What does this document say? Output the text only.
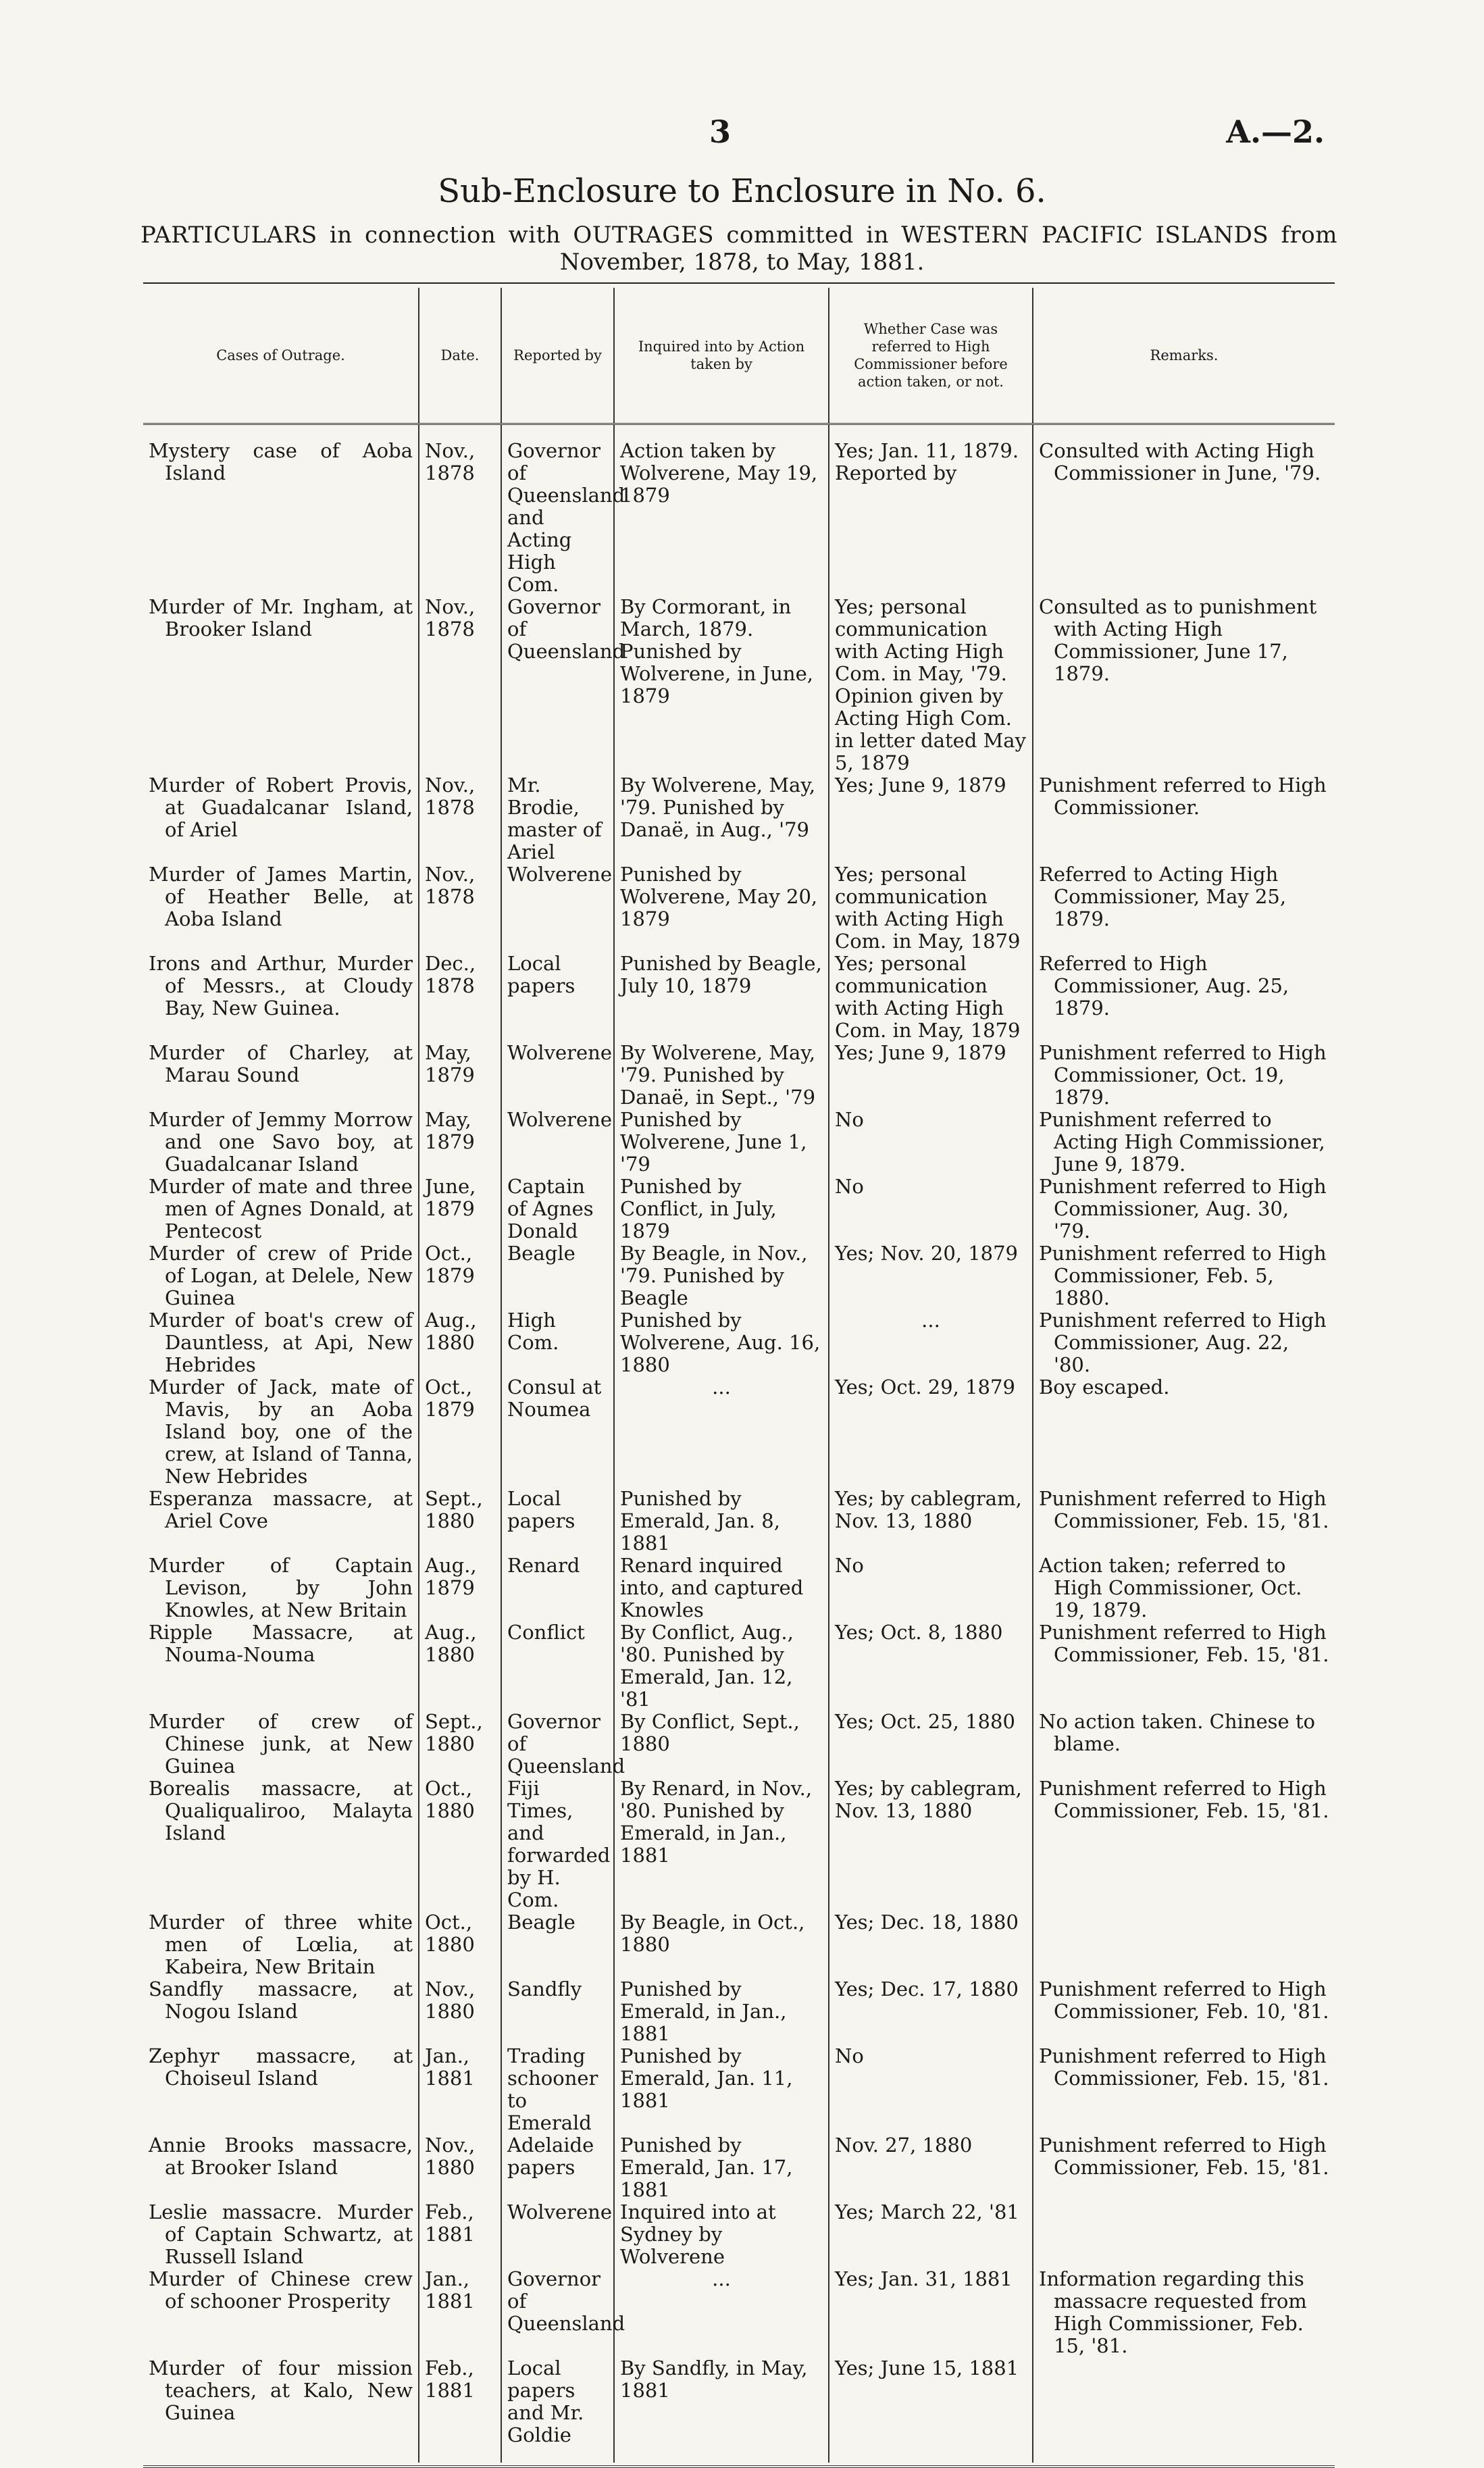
3	A.—2.
Sub-Enclosure to Enclosure in No. 6.
PARTICULARS in connection with OUTRAGES committed in WESTERN PACIFIC ISLANDS from
November, 1878, to May, 1881.
Cases of Outrage.	Date.	Reported by	Inquired into by Action taken by	Whether Case was referred to High Commissioner before action taken, or not.	Remarks.
Mystery case of Aoba Island	Nov., 1878	Governor of Queensland and Acting High Com.	Action taken by Wolverene, May 19, 1879	Yes; Jan. 11, 1879. Reported by	Consulted with Acting High Commissioner in June, '79.
Murder of Mr. Ingham, at Brooker Island	Nov., 1878	Governor of Queensland	By Cormorant, in March, 1879. Punished by Wolverene, in June, 1879	Yes; personal communication with Acting High Com. in May, '79. Opinion given by Acting High Com. in letter dated May 5, 1879	Consulted as to punishment with Acting High Commissioner, June 17, 1879.
Murder of Robert Provis, at Guadalcanar Island, of Ariel	Nov., 1878	Mr. Brodie, master of Ariel	By Wolverene, May, '79. Punished by Danaë, in Aug., '79	Yes; June 9, 1879	Punishment referred to High Commissioner.
Murder of James Martin, of Heather Belle, at Aoba Island	Nov., 1878	Wolverene	Punished by Wolverene, May 20, 1879	Yes; personal communication with Acting High Com. in May, 1879	Referred to Acting High Commissioner, May 25, 1879.
Irons and Arthur, Murder of Messrs., at Cloudy Bay, New Guinea.	Dec., 1878	Local papers	Punished by Beagle, July 10, 1879	Yes; personal communication with Acting High Com. in May, 1879	Referred to High Commissioner, Aug. 25, 1879.
Murder of Charley, at Marau Sound	May, 1879	Wolverene	By Wolverene, May, '79. Punished by Danaë, in Sept., '79	Yes; June 9, 1879	Punishment referred to High Commissioner, Oct. 19, 1879.
Murder of Jemmy Morrow and one Savo boy, at Guadalcanar Island	May, 1879	Wolverene	Punished by Wolverene, June 1, '79	No	Punishment referred to Acting High Commissioner, June 9, 1879.
Murder of mate and three men of Agnes Donald, at Pentecost	June, 1879	Captain of Agnes Donald	Punished by Conflict, in July, 1879	No	Punishment referred to High Commissioner, Aug. 30, '79.
Murder of crew of Pride of Logan, at Delele, New Guinea	Oct., 1879	Beagle	By Beagle, in Nov., '79. Punished by Beagle	Yes; Nov. 20, 1879	Punishment referred to High Commissioner, Feb. 5, 1880.
Murder of boat's crew of Dauntless, at Api, New Hebrides	Aug., 1880	High Com.	Punished by Wolverene, Aug. 16, 1880	...	Punishment referred to High Commissioner, Aug. 22, '80.
Murder of Jack, mate of Mavis, by an Aoba Island boy, one of the crew, at Island of Tanna, New Hebrides	Oct., 1879	Consul at Noumea	...	Yes; Oct. 29, 1879	Boy escaped.
Esperanza massacre, at Ariel Cove	Sept., 1880	Local papers	Punished by Emerald, Jan. 8, 1881	Yes; by cablegram, Nov. 13, 1880	Punishment referred to High Commissioner, Feb. 15, '81.
Murder of Captain Levison, by John Knowles, at New Britain	Aug., 1879	Renard	Renard inquired into, and captured Knowles	No	Action taken; referred to High Commissioner, Oct. 19, 1879.
Ripple Massacre, at Nouma-Nouma	Aug., 1880	Conflict	By Conflict, Aug., '80. Punished by Emerald, Jan. 12, '81	Yes; Oct. 8, 1880	Punishment referred to High Commissioner, Feb. 15, '81.
Murder of crew of Chinese junk, at New Guinea	Sept., 1880	Governor of Queensland	By Conflict, Sept., 1880	Yes; Oct. 25, 1880	No action taken. Chinese to blame.
Borealis massacre, at Qualiqualiroo, Malayta Island	Oct., 1880	Fiji Times, and forwarded by H. Com.	By Renard, in Nov., '80. Punished by Emerald, in Jan., 1881	Yes; by cablegram, Nov. 13, 1880	Punishment referred to High Commissioner, Feb. 15, '81.
Murder of three white men of Lœlia, at Kabeira, New Britain	Oct., 1880	Beagle	By Beagle, in Oct., 1880	Yes; Dec. 18, 1880	
Sandfly massacre, at Nogou Island	Nov., 1880	Sandfly	Punished by Emerald, in Jan., 1881	Yes; Dec. 17, 1880	Punishment referred to High Commissioner, Feb. 10, '81.
Zephyr massacre, at Choiseul Island	Jan., 1881	Trading schooner to Emerald	Punished by Emerald, Jan. 11, 1881	No	Punishment referred to High Commissioner, Feb. 15, '81.
Annie Brooks massacre, at Brooker Island	Nov., 1880	Adelaide papers	Punished by Emerald, Jan. 17, 1881	Nov. 27, 1880	Punishment referred to High Commissioner, Feb. 15, '81.
Leslie massacre. Murder of Captain Schwartz, at Russell Island	Feb., 1881	Wolverene	Inquired into at Sydney by Wolverene	Yes; March 22, '81	
Murder of Chinese crew of schooner Prosperity	Jan., 1881	Governor of Queensland	...	Yes; Jan. 31, 1881	Information regarding this massacre requested from High Commissioner, Feb. 15, '81.
Murder of four mission teachers, at Kalo, New Guinea	Feb., 1881	Local papers and Mr. Goldie	By Sandfly, in May, 1881	Yes; June 15, 1881	
